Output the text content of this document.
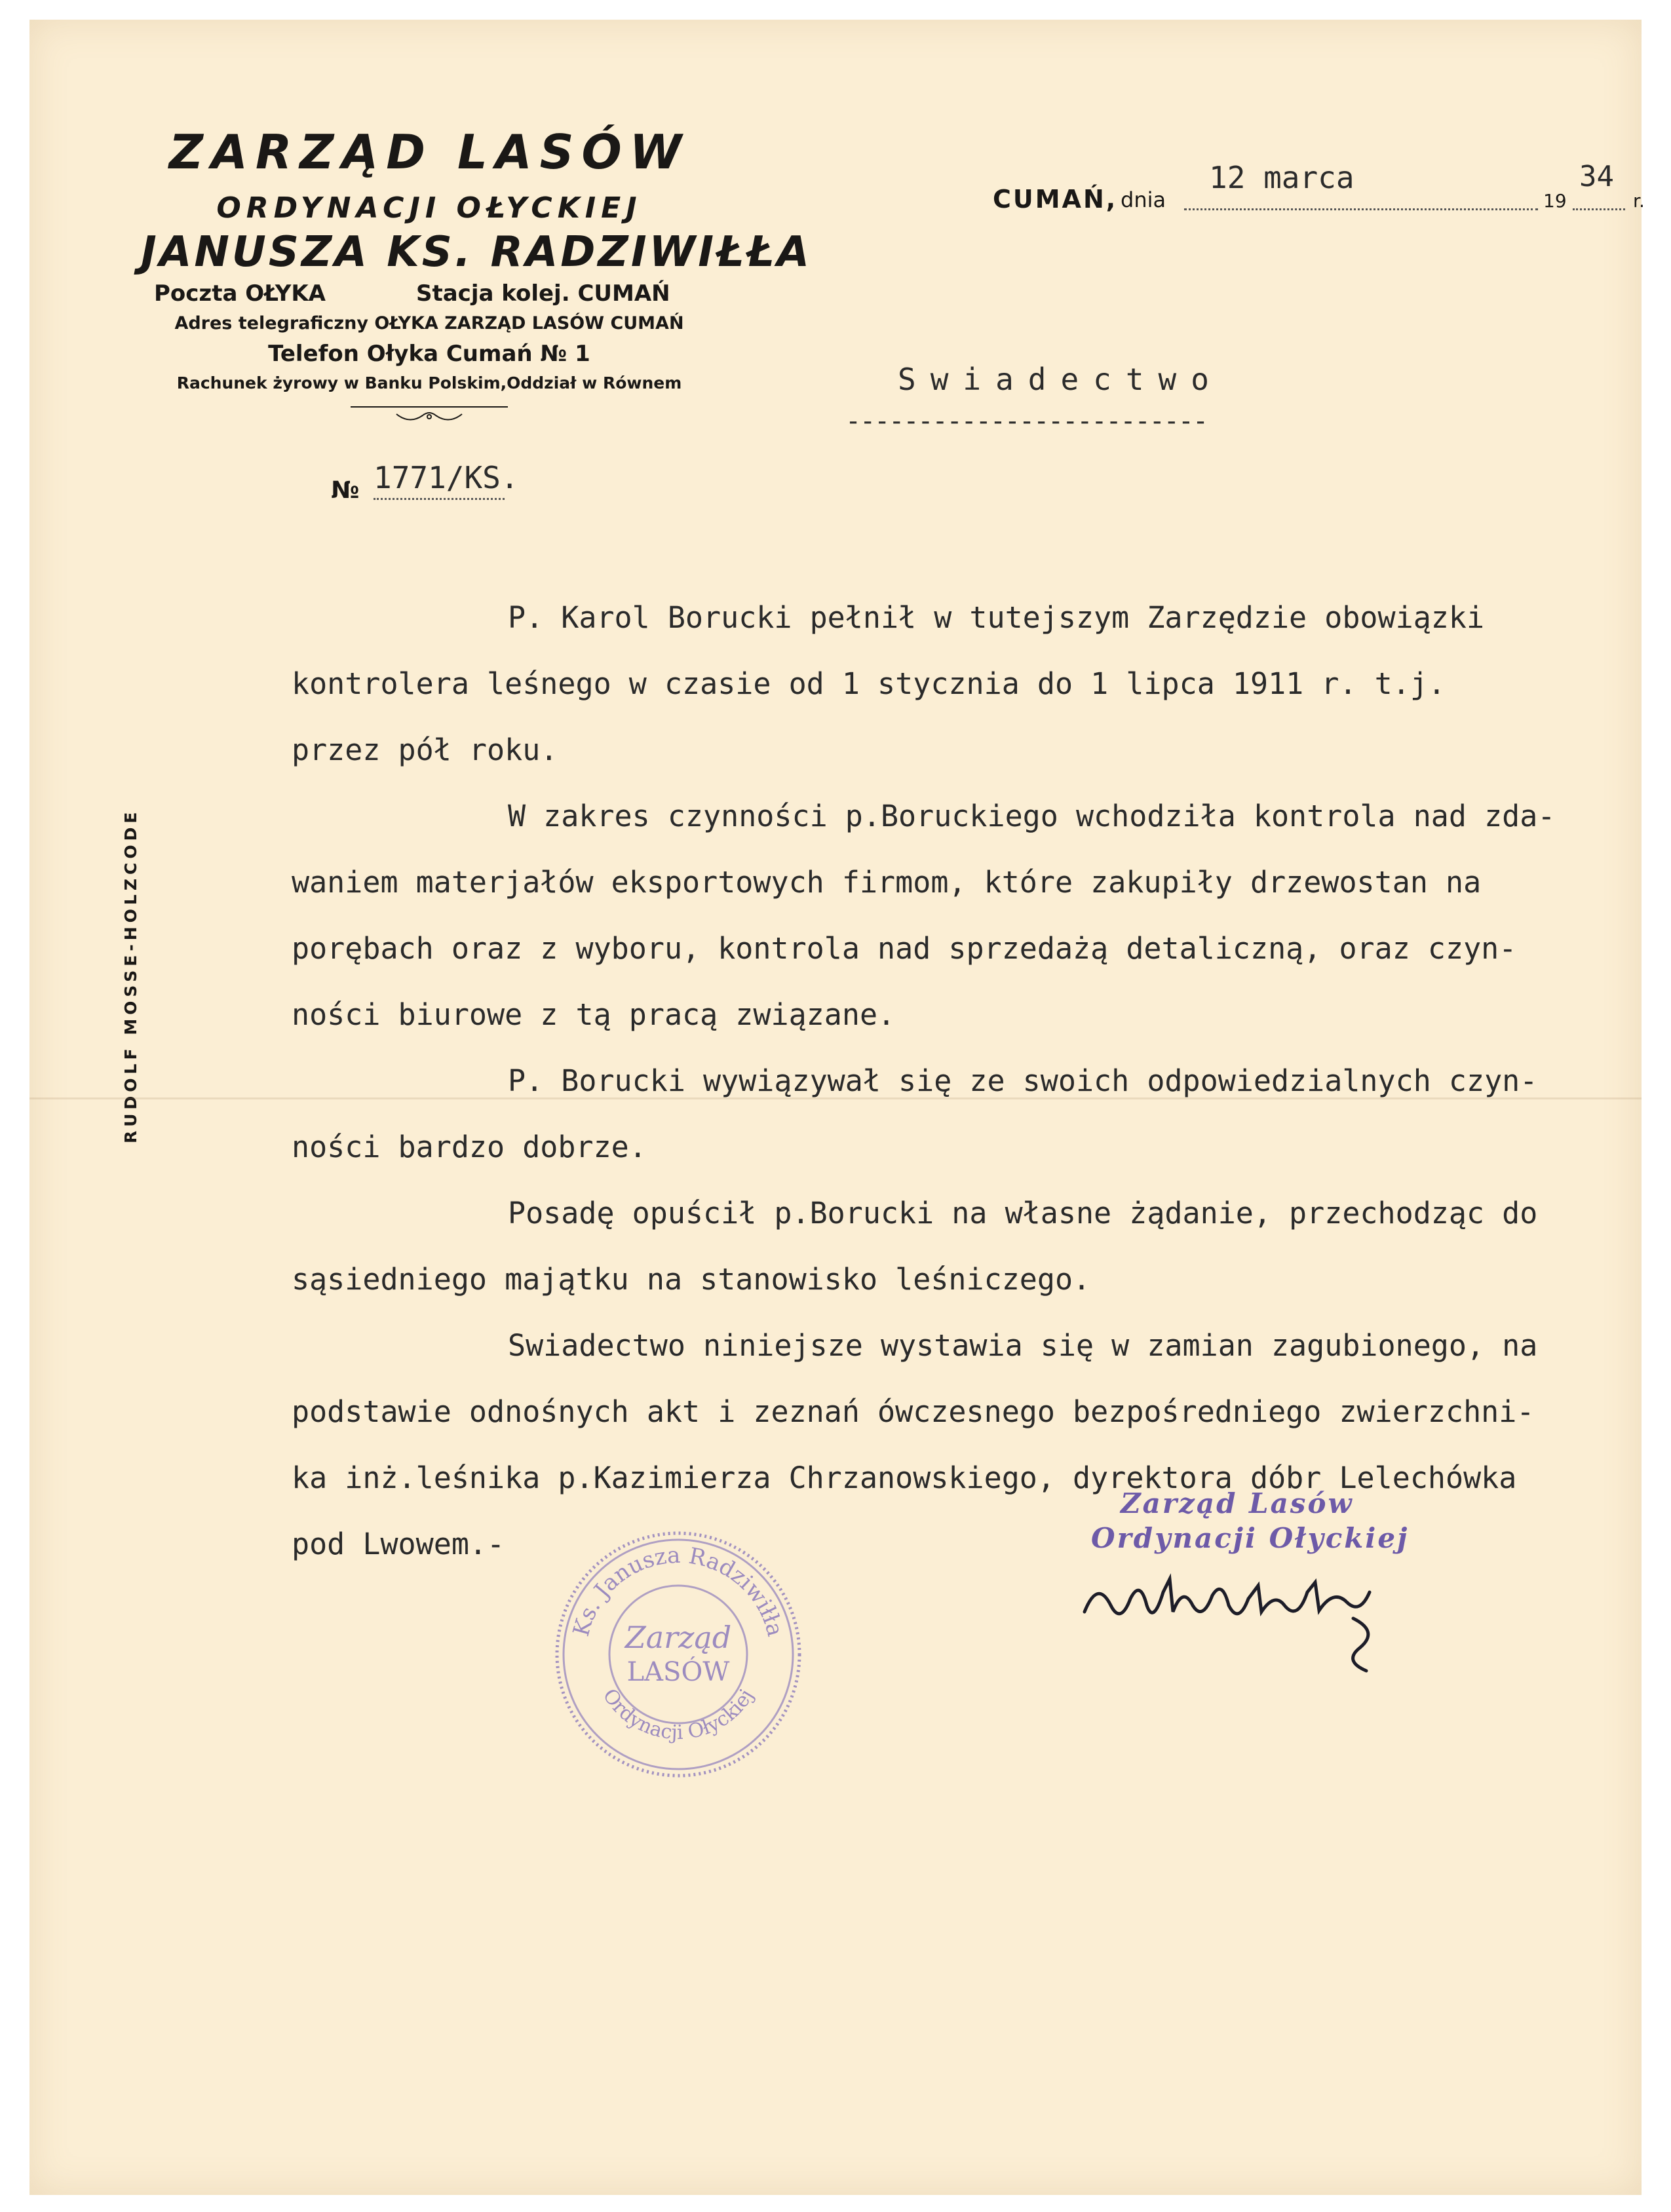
ZARZĄD LASÓW
ORDYNACJI OŁYCKIEJ
JANUSZA KS. RADZIWIŁŁA
Poczta OŁYKA	Stacja kolej. CUMAŃ
Adres telegraficzny OŁYKA ZARZĄD LASÓW CUMAŃ
Telefon Ołyka Cumań № 1
Rachunek żyrowy w Banku Polskim,Oddział w Równem
RUDOLF MOSSE-HOLZCODE
CUMAŃ, dnia
12 marca
19
34
r.
Swiadectwo
-------------------------
№ 1771/KS.
P. Karol Borucki pełnił w tutejszym Zarzędzie obowiązki
kontrolera leśnego w czasie od 1 stycznia do 1 lipca 1911 r. t.j.
przez pół roku.
W zakres czynności p.Boruckiego wchodziła kontrola nad zda-
waniem materjałów eksportowych firmom, które zakupiły drzewostan na
porębach oraz z wyboru, kontrola nad sprzedażą detaliczną, oraz czyn-
ności biurowe z tą pracą związane.
P. Borucki wywiązywał się ze swoich odpowiedzialnych czyn-
ności bardzo dobrze.
Posadę opuścił p.Borucki na własne żądanie, przechodząc do
sąsiedniego majątku na stanowisko leśniczego.
Swiadectwo niniejsze wystawia się w zamian zagubionego, na
podstawie odnośnych akt i zeznań ówczesnego bezpośredniego zwierzchni-
ka inż.leśnika p.Kazimierza Chrzanowskiego, dyrektora dóbr Lelechówka
pod Lwowem.-
Zarząd Lasów
Ordynacji Ołyckiej
Ks. Janusza Radziwiłła
Ordynacji Ołyckiej
Zarząd
LASÓW
